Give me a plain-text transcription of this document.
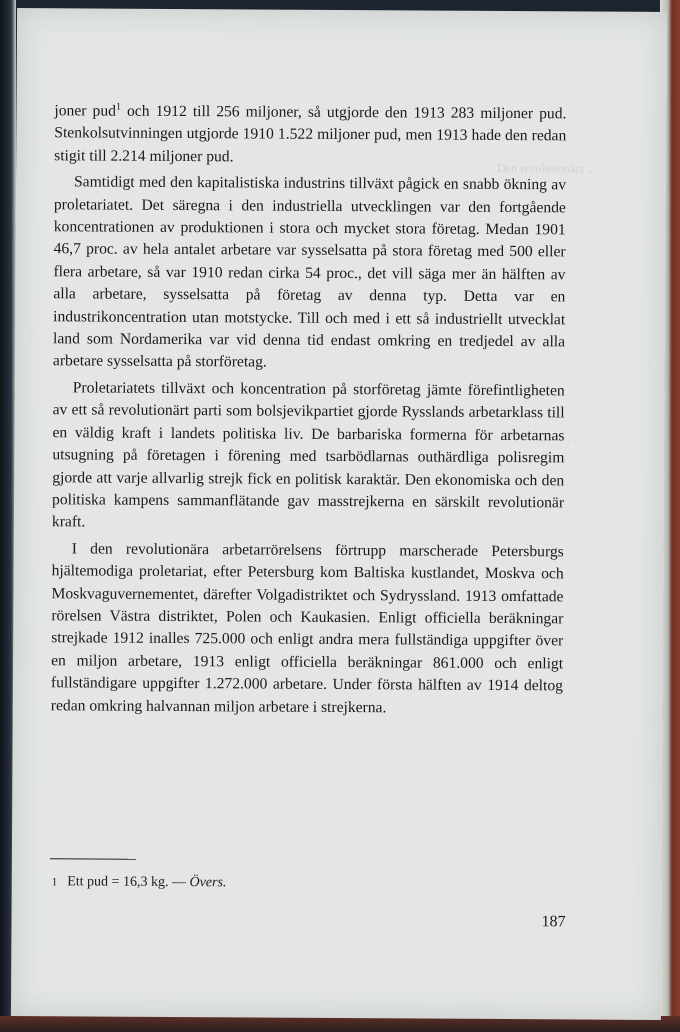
Den revolutionära ...
. . . . .

joner pud$^1$ och 1912 till 256 miljoner, så utgjorde den 1913 283 miljoner pud. Stenkolsutvinningen utgjorde 1910 1.522 miljoner pud, men 1913 hade den redan stigit till 2.214 miljoner pud.

Samtidigt med den kapitalistiska industrins tillväxt pågick en snabb ökning av proletariatet. Det säregna i den industriella utvecklingen var den fortgående koncentrationen av produktionen i stora och mycket stora företag. Medan 1901 46,7 proc. av hela antalet arbetare var sysselsatta på stora företag med 500 eller flera arbetare, så var 1910 redan cirka 54 proc., det vill säga mer än hälften av alla arbetare, sysselsatta på företag av denna typ. Detta var en industrikoncentration utan motstycke. Till och med i ett så industriellt utvecklat land som Nordamerika var vid denna tid endast omkring en tredjedel av alla arbetare sysselsatta på storföretag.

Proletariatets tillväxt och koncentration på storföretag jämte förefintligheten av ett så revolutionärt parti som bolsjevikpartiet gjorde Rysslands arbetarklass till en väldig kraft i landets politiska liv. De barbariska formerna för arbetarnas utsugning på företagen i förening med tsarbödlarnas outhärdliga polisregim gjorde att varje allvarlig strejk fick en politisk karaktär. Den ekonomiska och den politiska kampens sammanflätande gav masstrejkerna en särskilt revolutionär kraft.

I den revolutionära arbetarrörelsens förtrupp marscherade Petersburgs hjältemodiga proletariat, efter Petersburg kom Baltiska kustlandet, Moskva och Moskvaguvernementet, därefter Volgadistriktet och Sydryssland. 1913 omfattade rörelsen Västra distriktet, Polen och Kaukasien. Enligt officiella beräkningar strejkade 1912 inalles 725.000 och enligt andra mera fullständiga uppgifter över en miljon arbetare, 1913 enligt officiella beräkningar 861.000 och enligt fullständigare uppgifter 1.272.000 arbetare. Under första hälften av 1914 deltog redan omkring halvannan miljon arbetare i strejkerna.

1 Ett pud = 16,3 kg. — Övers.
187
